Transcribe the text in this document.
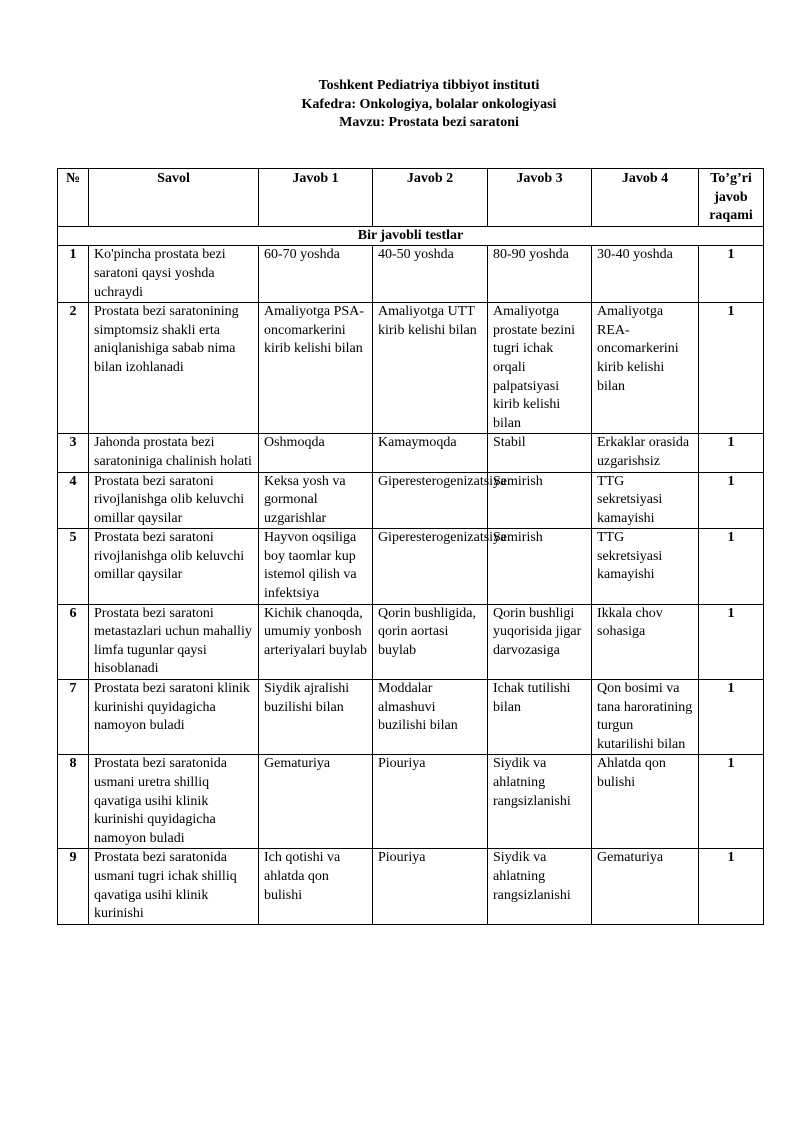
Toshkent Pediatriya tibbiyot instituti
Kafedra: Onkologiya, bolalar onkologiyasi
Mavzu: Prostata bezi saratoni
№	Savol	Javob 1	Javob 2	Javob 3	Javob 4	To’g’ri javob raqami
Bir javobli testlar						
1	Ko'pincha prostata bezi saratoni qaysi yoshda uchraydi	60-70 yoshda	40-50 yoshda	80-90 yoshda	30-40 yoshda	1
2	Prostata bezi saratonining simptomsiz shakli erta aniqlanishiga sabab nima bilan izohlanadi	Amaliyotga PSA-oncomarkerini kirib kelishi bilan	Amaliyotga UTT kirib kelishi bilan	Amaliyotga prostate bezini tugri ichak orqali palpatsiyasi kirib kelishi bilan	Amaliyotga REA-oncomarkerini kirib kelishi bilan	1
3	Jahonda prostata bezi saratoniniga chalinish holati	Oshmoqda	Kamaymoqda	Stabil	Erkaklar orasida uzgarishsiz	1
4	Prostata bezi saratoni rivojlanishga olib keluvchi omillar qaysilar	Keksa yosh va gormonal uzgarishlar	Giperesterogenizatsiya	Semirish	TTG sekretsiyasi kamayishi	1
5	Prostata bezi saratoni rivojlanishga olib keluvchi omillar qaysilar	Hayvon oqsiliga boy taomlar kup istemol qilish va infektsiya	Giperesterogenizatsiya	Semirish	TTG sekretsiyasi kamayishi	1
6	Prostata bezi saratoni metastazlari uchun mahalliy limfa tugunlar qaysi hisoblanadi	Kichik chanoqda, umumiy yonbosh arteriyalari buylab	Qorin bushligida, qorin aortasi buylab	Qorin bushligi yuqorisida jigar darvozasiga	Ikkala chov sohasiga	1
7	Prostata bezi saratoni klinik kurinishi quyidagicha namoyon buladi	Siydik ajralishi buzilishi bilan	Moddalar almashuvi buzilishi bilan	Ichak tutilishi bilan	Qon bosimi va tana haroratining turgun kutarilishi bilan	1
8	Prostata bezi saratonida usmani uretra shilliq qavatiga usihi klinik kurinishi quyidagicha namoyon buladi	Gematuriya	Piouriya	Siydik va ahlatning rangsizlanishi	Ahlatda qon bulishi	1
9	Prostata bezi saratonida usmani tugri ichak shilliq qavatiga usihi klinik kurinishi	Ich qotishi va ahlatda qon bulishi	Piouriya	Siydik va ahlatning rangsizlanishi	Gematuriya	1
